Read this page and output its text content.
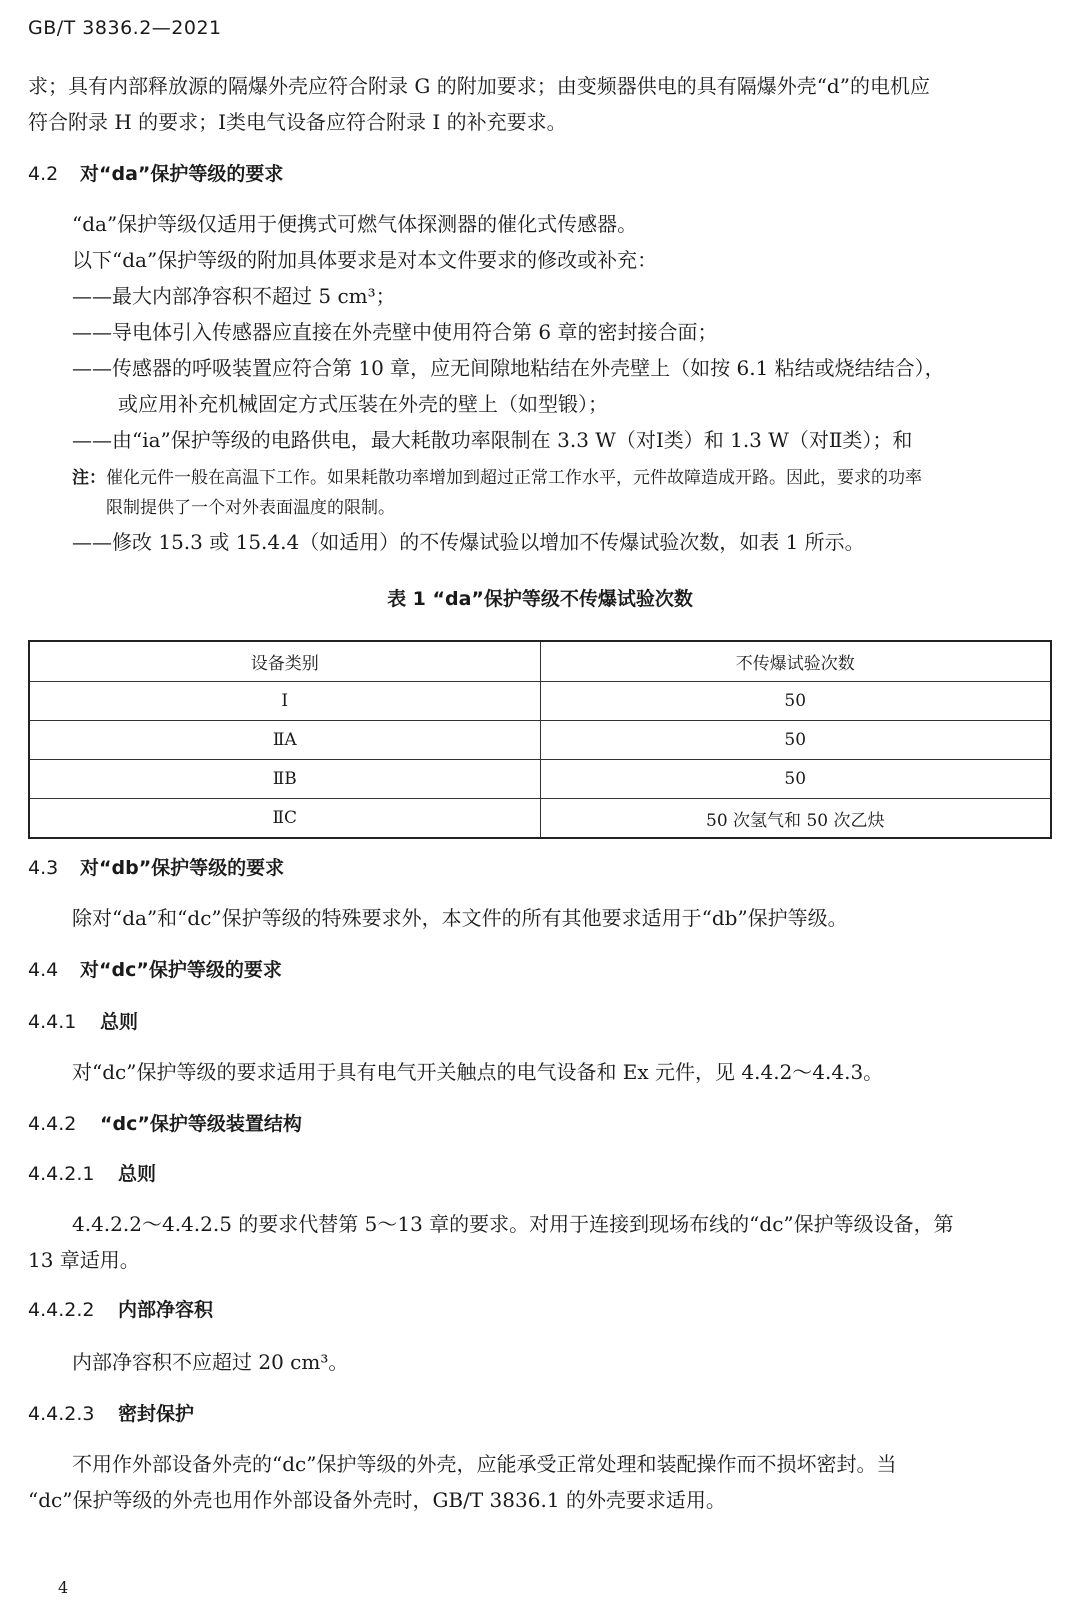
GB/T 3836.2—2021
求；具有内部释放源的隔爆外壳应符合附录 G 的附加要求；由变频器供电的具有隔爆外壳“d”的电机应
符合附录 H 的要求；Ⅰ类电气设备应符合附录 I 的补充要求。
4.2 对“da”保护等级的要求
“da”保护等级仅适用于便携式可燃气体探测器的催化式传感器。
以下“da”保护等级的附加具体要求是对本文件要求的修改或补充：
——最大内部净容积不超过 5 cm³；
——导电体引入传感器应直接在外壳壁中使用符合第 6 章的密封接合面；
——传感器的呼吸装置应符合第 10 章，应无间隙地粘结在外壳壁上（如按 6.1 粘结或烧结结合），
或应用补充机械固定方式压装在外壳的壁上（如型锻）；
——由“ia”保护等级的电路供电，最大耗散功率限制在 3.3 W（对Ⅰ类）和 1.3 W（对Ⅱ类）；和
注：催化元件一般在高温下工作。如果耗散功率增加到超过正常工作水平，元件故障造成开路。因此，要求的功率
限制提供了一个对外表面温度的限制。
——修改 15.3 或 15.4.4（如适用）的不传爆试验以增加不传爆试验次数，如表 1 所示。
表 1 “da”保护等级不传爆试验次数
设备类别	不传爆试验次数
Ⅰ	50
ⅡA	50
ⅡB	50
ⅡC	50 次氢气和 50 次乙炔
4.3 对“db”保护等级的要求
除对“da”和“dc”保护等级的特殊要求外，本文件的所有其他要求适用于“db”保护等级。
4.4 对“dc”保护等级的要求
4.4.1 总则
对“dc”保护等级的要求适用于具有电气开关触点的电气设备和 Ex 元件，见 4.4.2～4.4.3。
4.4.2 “dc”保护等级装置结构
4.4.2.1 总则
4.4.2.2～4.4.2.5 的要求代替第 5～13 章的要求。对用于连接到现场布线的“dc”保护等级设备，第
13 章适用。
4.4.2.2 内部净容积
内部净容积不应超过 20 cm³。
4.4.2.3 密封保护
不用作外部设备外壳的“dc”保护等级的外壳，应能承受正常处理和装配操作而不损坏密封。当
“dc”保护等级的外壳也用作外部设备外壳时，GB/T 3836.1 的外壳要求适用。
4
